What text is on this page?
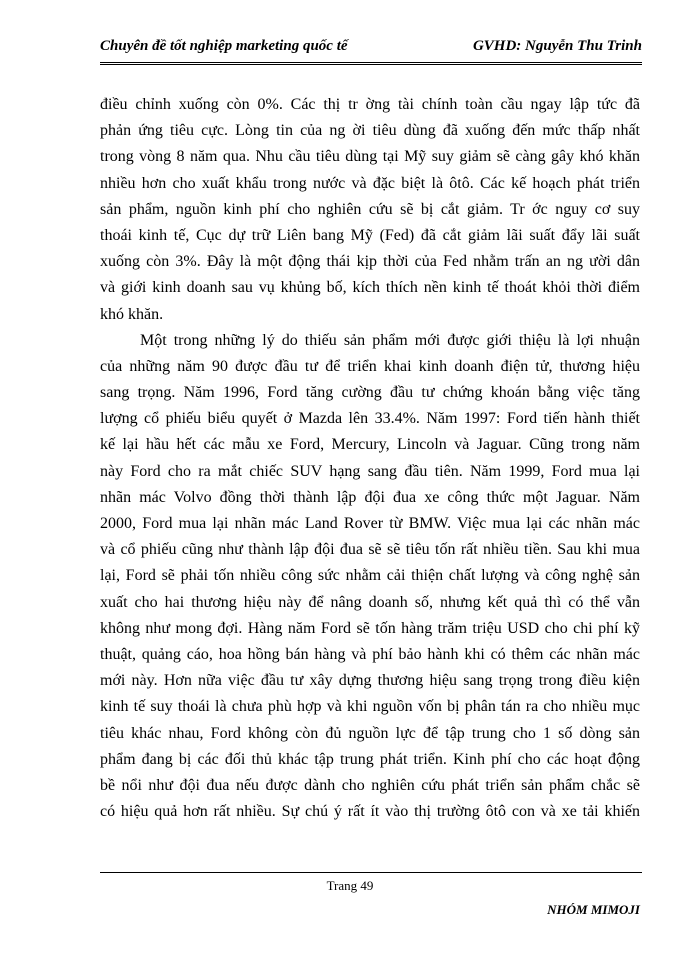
Chuyên đề tốt nghiệp marketing quốc tế	GVHD: Nguyễn Thu Trinh
điều chỉnh xuống còn 0%. Các thị tr ờng tài chính toàn cầu ngay lập tức đã
phản ứng tiêu cực. Lòng tin của ng ời tiêu dùng đã xuống đến mức thấp nhất
trong vòng 8 năm qua. Nhu cầu tiêu dùng tại Mỹ suy giảm sẽ càng gây khó khăn
nhiều hơn cho xuất khẩu trong nước và đặc biệt là ôtô. Các kế hoạch phát triển
sản phẩm, nguồn kinh phí cho nghiên cứu sẽ bị cắt giảm. Tr ớc nguy cơ suy
thoái kinh tế, Cục dự trữ Liên bang Mỹ (Fed) đã cắt giảm lãi suất đẩy lãi suất
xuống còn 3%. Đây là một động thái kịp thời của Fed nhằm trấn an ng ười dân
và giới kinh doanh sau vụ khủng bố, kích thích nền kinh tế thoát khỏi thời điểm
khó khăn.
Một trong những lý do thiếu sản phẩm mới được giới thiệu là lợi nhuận
của những năm 90 được đầu tư để triển khai kinh doanh điện tử, thương hiệu
sang trọng. Năm 1996, Ford tăng cường đầu tư chứng khoán bằng việc tăng
lượng cổ phiếu biểu quyết ở Mazda lên 33.4%. Năm 1997: Ford tiến hành thiết
kế lại hầu hết các mẫu xe Ford, Mercury, Lincoln và Jaguar. Cũng trong năm
này Ford cho ra mắt chiếc SUV hạng sang đầu tiên. Năm 1999, Ford mua lại
nhãn mác Volvo đồng thời thành lập đội đua xe công thức một Jaguar. Năm
2000, Ford mua lại nhãn mác Land Rover từ BMW. Việc mua lại các nhãn mác
và cổ phiếu cũng như thành lập đội đua sẽ sẽ tiêu tốn rất nhiều tiền. Sau khi mua
lại, Ford sẽ phải tốn nhiều công sức nhằm cải thiện chất lượng và công nghệ sản
xuất cho hai thương hiệu này để nâng doanh số, nhưng kết quả thì có thể vẫn
không như mong đợi. Hàng năm Ford sẽ tốn hàng trăm triệu USD cho chi phí kỹ
thuật, quảng cáo, hoa hồng bán hàng và phí bảo hành khi có thêm các nhãn mác
mới này. Hơn nữa việc đầu tư xây dựng thương hiệu sang trọng trong điều kiện
kinh tế suy thoái là chưa phù hợp và khi nguồn vốn bị phân tán ra cho nhiều mục
tiêu khác nhau, Ford không còn đủ nguồn lực để tập trung cho 1 số dòng sản
phẩm đang bị các đối thủ khác tập trung phát triển. Kinh phí cho các hoạt động
bề nổi như đội đua nếu được dành cho nghiên cứu phát triển sản phẩm chắc sẽ
có hiệu quả hơn rất nhiều. Sự chú ý rất ít vào thị trường ôtô con và xe tải khiến
Trang 49
NHÓM MIMOJI
